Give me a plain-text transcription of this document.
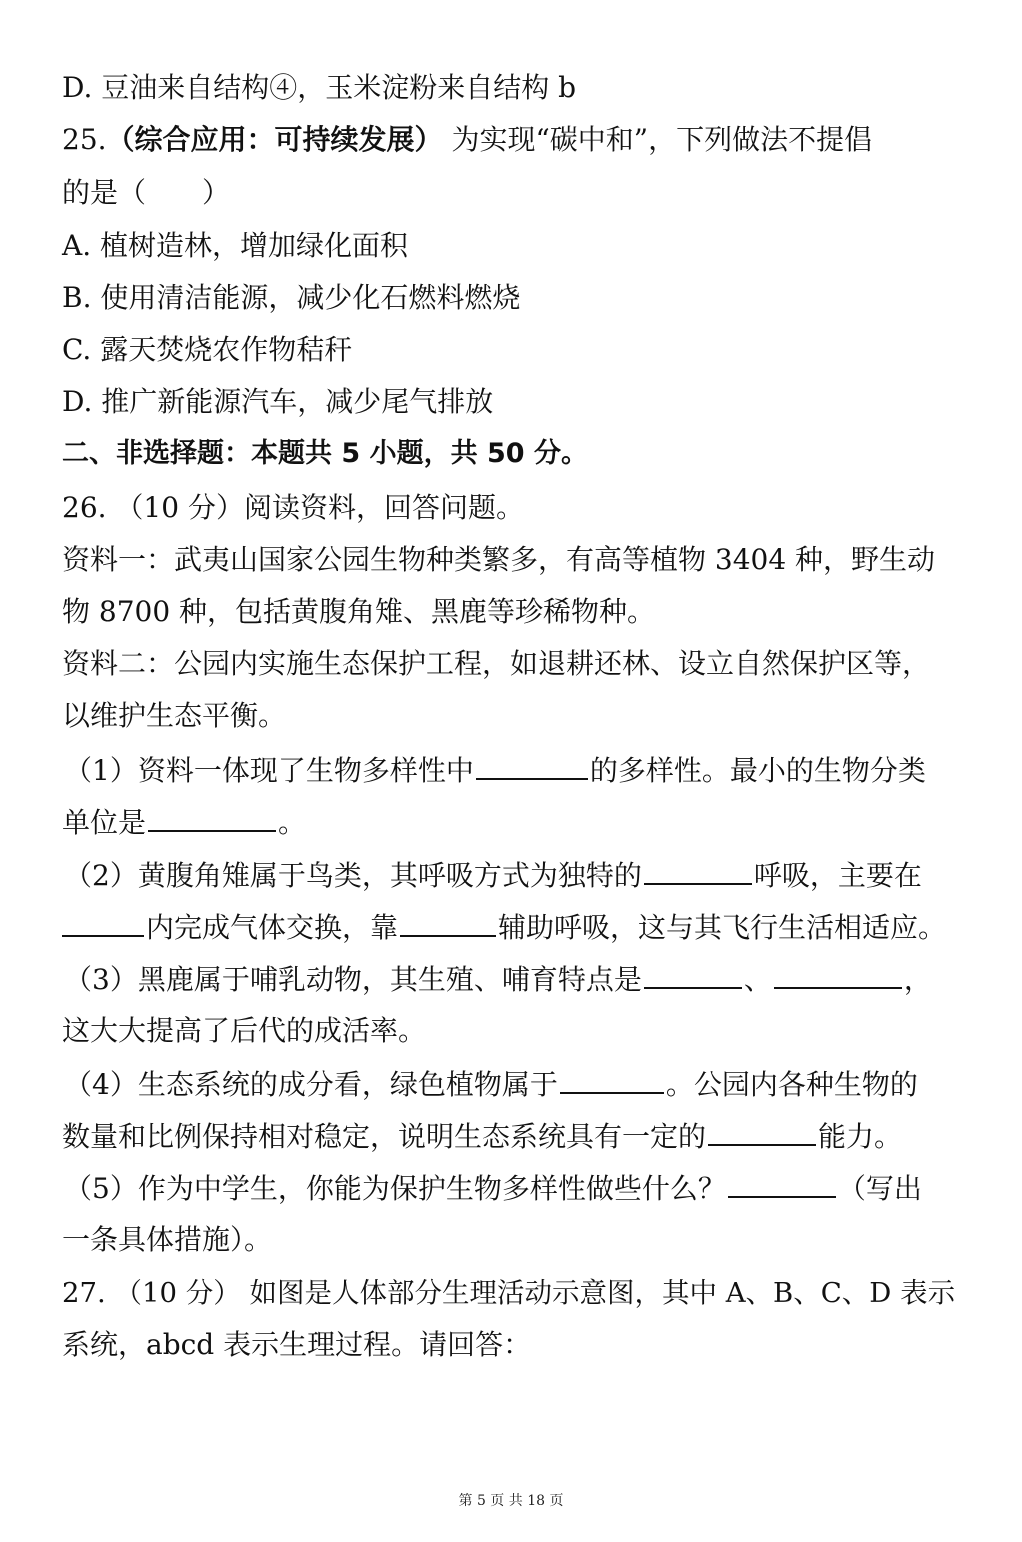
D. 豆油来自结构④，玉米淀粉来自结构 b
25.（综合应用：可持续发展） 为实现“碳中和”，下列做法不提倡
的是（　　）
A. 植树造林，增加绿化面积
B. 使用清洁能源，减少化石燃料燃烧
C. 露天焚烧农作物秸秆
D. 推广新能源汽车，减少尾气排放
二、非选择题：本题共 5 小题，共 50 分。
26. （10 分）阅读资料，回答问题。
资料一：武夷山国家公园生物种类繁多，有高等植物 3404 种，野生动
物 8700 种，包括黄腹角雉、黑鹿等珍稀物种。
资料二：公园内实施生态保护工程，如退耕还林、设立自然保护区等，
以维护生态平衡。
（1）资料一体现了生物多样性中	的多样性。最小的生物分类
单位是	。
（2）黄腹角雉属于鸟类，其呼吸方式为独特的	呼吸，主要在
内完成气体交换，靠	辅助呼吸，这与其飞行生活相适应。
（3）黑鹿属于哺乳动物，其生殖、哺育特点是	、	，
这大大提高了后代的成活率。
（4）生态系统的成分看，绿色植物属于	。公园内各种生物的
数量和比例保持相对稳定，说明生态系统具有一定的	能力。
（5）作为中学生，你能为保护生物多样性做些什么？	（写出
一条具体措施）。
27. （10 分） 如图是人体部分生理活动示意图，其中 A、B、C、D 表示
系统，abcd 表示生理过程。请回答：
第 5 页 共 18 页
